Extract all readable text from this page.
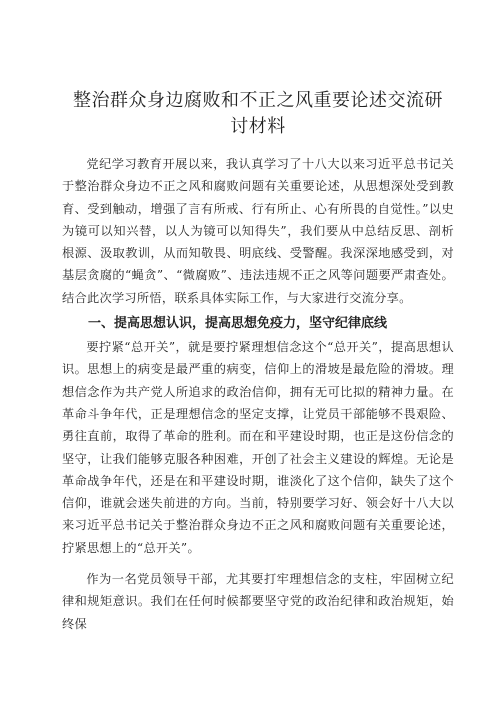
整治群众身边腐败和不正之风重要论述交流研讨材料

党纪学习教育开展以来，我认真学习了十八大以来习近平总书记关于整治群众身边不正之风和腐败问题有关重要论述，从思想深处受到教育、受到触动，增强了言有所戒、行有所止、心有所畏的自觉性。”以史为镜可以知兴替，以人为镜可以知得失”，我们要从中总结反思、剖析根源、汲取教训，从而知敬畏、明底线、受警醒。我深深地感受到，对基层贪腐的“蝇贪”、“微腐败”、违法违规不正之风等问题要严肃查处。结合此次学习所悟，联系具体实际工作，与大家进行交流分享。

一、提高思想认识，提高思想免疫力，坚守纪律底线

要拧紧“总开关”，就是要拧紧理想信念这个“总开关”，提高思想认识。思想上的病变是最严重的病变，信仰上的滑坡是最危险的滑坡。理想信念作为共产党人所追求的政治信仰，拥有无可比拟的精神力量。在革命斗争年代，正是理想信念的坚定支撑，让党员干部能够不畏艰险、勇往直前，取得了革命的胜利。而在和平建设时期，也正是这份信念的坚守，让我们能够克服各种困难，开创了社会主义建设的辉煌。无论是革命战争年代，还是在和平建设时期，谁淡化了这个信仰，缺失了这个信仰，谁就会迷失前进的方向。当前，特别要学习好、领会好十八大以来习近平总书记关于整治群众身边不正之风和腐败问题有关重要论述，拧紧思想上的“总开关”。

作为一名党员领导干部，尤其要打牢理想信念的支柱，牢固树立纪律和规矩意识。我们在任何时候都要坚守党的政治纪律和政治规矩，始终保
